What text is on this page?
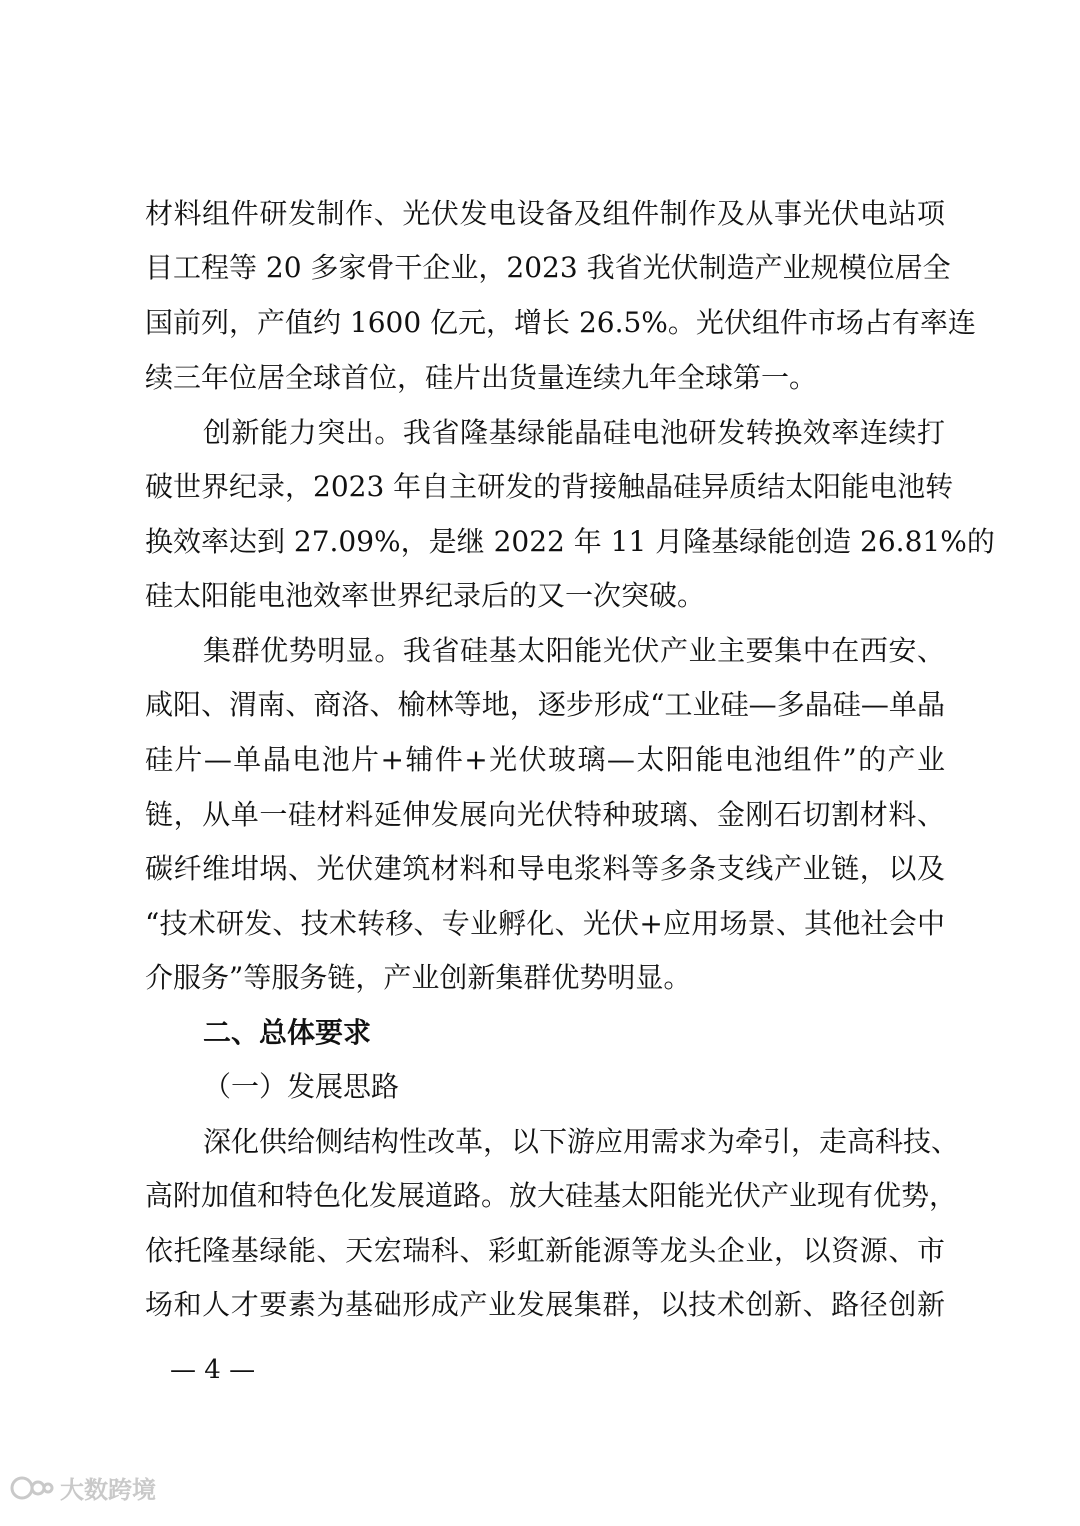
材料组件研发制作、光伏发电设备及组件制作及从事光伏电站项
目工程等 20 多家骨干企业，2023 我省光伏制造产业规模位居全
国前列，产值约 1600 亿元，增长 26.5%。光伏组件市场占有率连
续三年位居全球首位，硅片出货量连续九年全球第一。
创新能力突出。我省隆基绿能晶硅电池研发转换效率连续打
破世界纪录，2023 年自主研发的背接触晶硅异质结太阳能电池转
换效率达到 27.09%，是继 2022 年 11 月隆基绿能创造 26.81%的
硅太阳能电池效率世界纪录后的又一次突破。
集群优势明显。我省硅基太阳能光伏产业主要集中在西安、
咸阳、渭南、商洛、榆林等地，逐步形成“工业硅—多晶硅—单晶
硅片—单晶电池片+辅件+光伏玻璃—太阳能电池组件”的产业
链，从单一硅材料延伸发展向光伏特种玻璃、金刚石切割材料、
碳纤维坩埚、光伏建筑材料和导电浆料等多条支线产业链，以及
“技术研发、技术转移、专业孵化、光伏+应用场景、其他社会中
介服务”等服务链，产业创新集群优势明显。
二、总体要求
（一）发展思路
深化供给侧结构性改革，以下游应用需求为牵引，走高科技、
高附加值和特色化发展道路。放大硅基太阳能光伏产业现有优势，
依托隆基绿能、天宏瑞科、彩虹新能源等龙头企业，以资源、市
场和人才要素为基础形成产业发展集群，以技术创新、路径创新
— 4 —
大数跨境
